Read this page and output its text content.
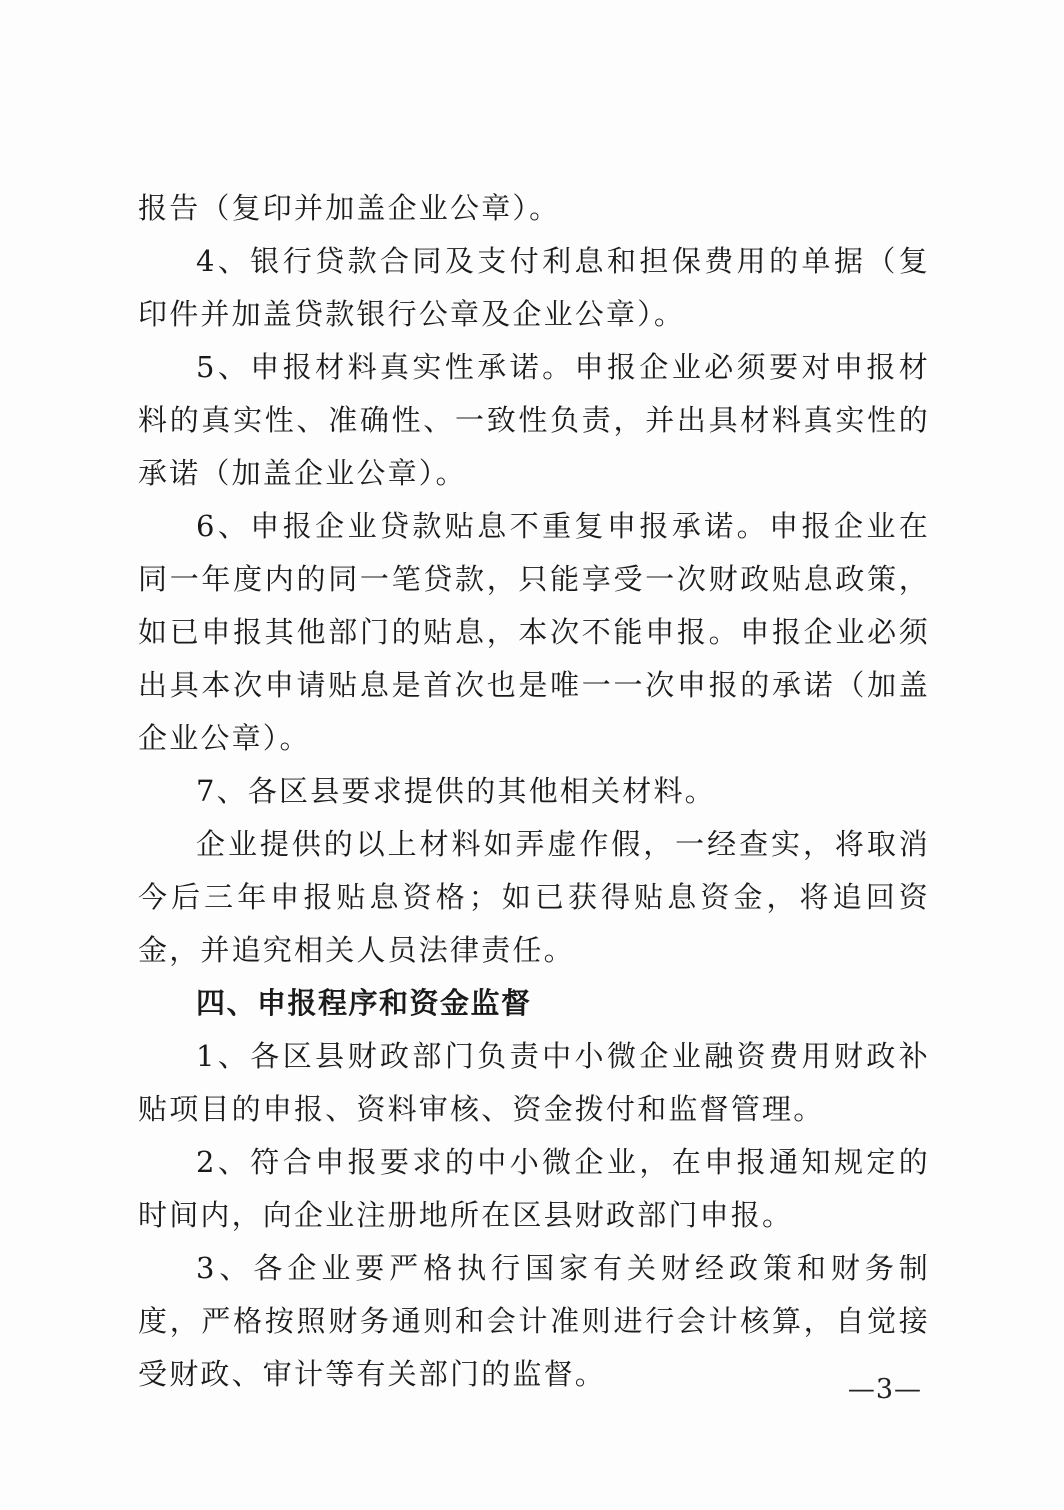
报告（复印并加盖企业公章）。

4、银行贷款合同及支付利息和担保费用的单据（复印件并加盖贷款银行公章及企业公章）。

5、申报材料真实性承诺。申报企业必须要对申报材料的真实性、准确性、一致性负责，并出具材料真实性的承诺（加盖企业公章）。

6、申报企业贷款贴息不重复申报承诺。申报企业在同一年度内的同一笔贷款，只能享受一次财政贴息政策，如已申报其他部门的贴息，本次不能申报。申报企业必须出具本次申请贴息是首次也是唯一一次申报的承诺（加盖企业公章）。

7、各区县要求提供的其他相关材料。

企业提供的以上材料如弄虚作假，一经查实，将取消今后三年申报贴息资格；如已获得贴息资金，将追回资金，并追究相关人员法律责任。

四、申报程序和资金监督

1、各区县财政部门负责中小微企业融资费用财政补贴项目的申报、资料审核、资金拨付和监督管理。

2、符合申报要求的中小微企业，在申报通知规定的时间内，向企业注册地所在区县财政部门申报。

3、各企业要严格执行国家有关财经政策和财务制度，严格按照财务通则和会计准则进行会计核算，自觉接受财政、审计等有关部门的监督。	—3—
